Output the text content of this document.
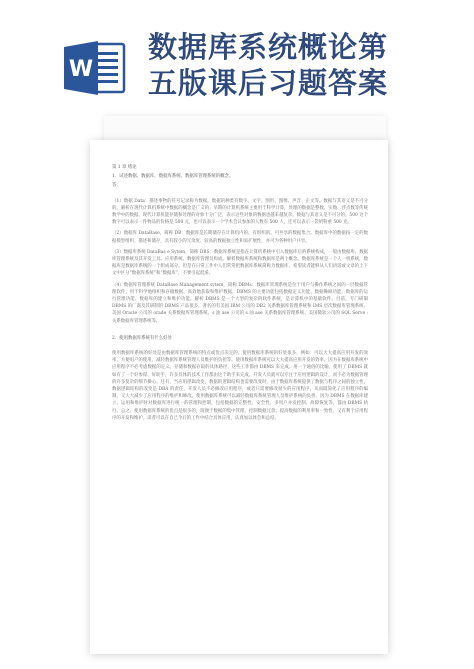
W
数据库系统概论第
五版课后习题答案

第 1 章 绪论

1．试述数据、数据库、数据库系统、数据库管理系统的概念。

答：

（1）数据 Data：描述事物的符号记录称为数据。数据的种类有数字、文字、图形、图像、声音、正文等。数据与其语义是不可分的。解析在现代计算机系统中数据的概念是广义的。早期的计算机系统主要用于科学计算，处理的数据是整数、实数、浮点数等传统数学中的数据。现代计算机能存储和处理的对象十分广泛，表示这些对象的数据也越来越复杂。数据与其语义是不可分的。500 这个数字可以表示一件物品的价格是 500 元，也可以表示一个学术会议参加的人数有 500 人，还可以表示一袋奶粉重 500 克。

（2）数据库 DataBase，简称 DB：数据库是长期储存在计算机内的、有组织的、可共享的数据集合。数据库中的数据按一定的数据模型组织、描述和储存，具有较小的冗余度、较高的数据独立性和易扩展性，并可为各种用户共享。

（3）数据库系统 DataBas e Sytem，简称 DBS：数据库系统是指在计算机系统中引入数据库后的系统构成，一般由数据库、数据库管理系统及其开发工具、应用系统、数据库管理员构成。解析数据库系统和数据库是两个概念。数据库系统是一个人一机系统，数据库是数据库系统的一个组成部分。但是在日常工作中人们常常把数据库系统简称为数据库，希望读者能够从人们讲话或文章的上下文中区分“数据库系统”和“数据库”，不要引起混淆。

（4）数据库管理系统 DataBase Management sytem，简称 DBMs：数据库管理系统是位于用户与操作系统之间的一层数据管理软件，用于科学地组织和存储数据、高效地获取和维护数据。DBMS 的主要功能包括数据定义功能、数据操纵功能、数据库的运行管理功能、数据库的建立和维护功能。解析 DBMS 是一个大型的复杂的软件系统，是计算机中的基础软件。目前，专门研制 DBMS 的厂商及其研制的 DBMS 产品很多。著名的有美国 IBM 公司的 DB2 关系数据库管理系统和 IMS 层次数据库管理系统、美国 Oracle 公司的 orade 关系数据库管理系统、s 油 ase 公司的 s 油 ase 关系数据库管理系统、美国微软公司的 SQL Serve ; 关系数据库管理系统等。

2．使用数据库系统有什么好处

使用数据库系统的好处是由数据库管理系统的特点或优点决定的。使用数据库系统的好处很多，例如：可以大大提高应用开发的效率，方便用户的使用，减轻数据库系统管理人员维护的负担等。使用数据库系统可以大大提高应用开发的效率。因为在数据库系统中应用程序不必考虑数据的定义、存储和数据存取的具体路径，这些工作都由 DBMS 来完成。用一个通俗的比喻，使用了 DBMS 就如有了一个好参谋、好助手，许多具体的技术工作都由这个助手来完成。开发人员就可以专注于应用逻辑的设计，而不必为数据管理的许多复杂的细节操心。还有，当应用逻辑改变，数据的逻辑结构也需要改变时，由于数据库系统提供了数据与程序之间的独立性，数据逻辑结构的改变是 DBA 的责任，开发人员不必修改应用程序，或者只需要修改很少的应用程序，从而既简化了应用程序的编制，又大大减少了应用程序的维护和修改。使用数据库系统可以减轻数据库系统管理人员维护系统的负担。因为 DBMS 在数据库建立、运用和维护时对数据库进行统一的管理和控制，包括数据的完整性、安全性、多用户并发控制、故障恢复等，都由 DBMS 执行。总之，使用数据库系统的优点是很多的，既便于数据的集中管理，控制数据冗余，提高数据的利用率和一致性，又有利于应用程序的开发和维护。读者可以在自己今后的工作中结合具体应用，认真加以体会和总结。
